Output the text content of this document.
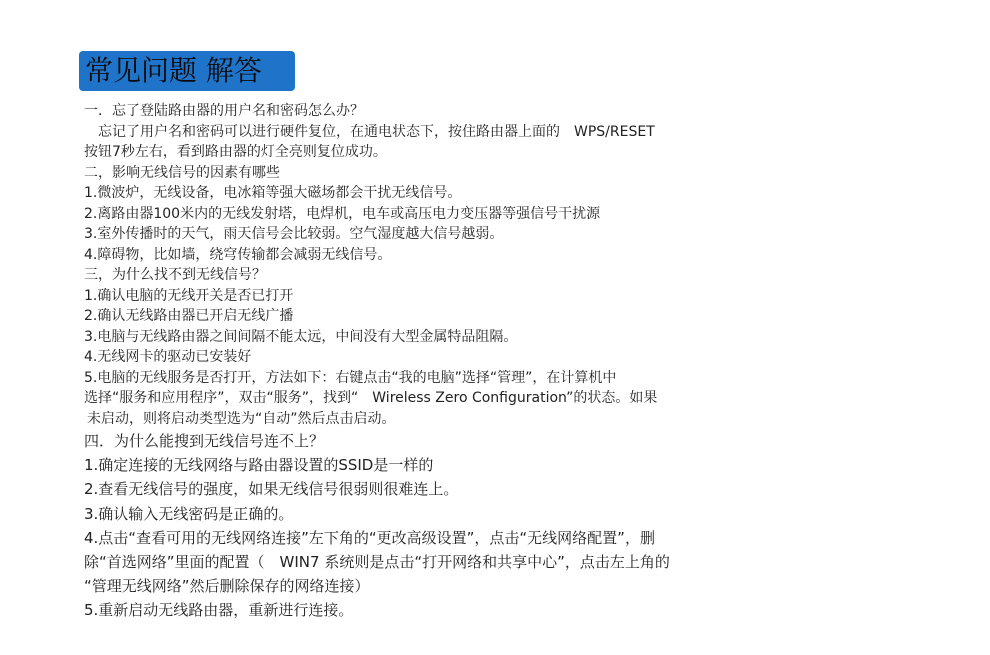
常见问题 解答
一．忘了登陆路由器的用户名和密码怎么办？
忘记了用户名和密码可以进行硬件复位，在通电状态下，按住路由器上面的　WPS/RESET
按钮7秒左右，看到路由器的灯全亮则复位成功。
二，影响无线信号的因素有哪些
1.微波炉，无线设备，电冰箱等强大磁场都会干扰无线信号。
2.离路由器100米内的无线发射塔，电焊机，电车或高压电力变压器等强信号干扰源
3.室外传播时的天气，雨天信号会比较弱。空气湿度越大信号越弱。
4.障碍物，比如墙，绕穹传输都会减弱无线信号。
三，为什么找不到无线信号？
1.确认电脑的无线开关是否已打开
2.确认无线路由器已开启无线广播
3.电脑与无线路由器之间间隔不能太远，中间没有大型金属特品阻隔。
4.无线网卡的驱动已安装好
5.电脑的无线服务是否打开，方法如下：右键点击“我的电脑”选择“管理”，在计算机中
选择“服务和应用程序”，双击“服务”，找到“　Wireless Zero Configuration”的状态。如果
未启动，则将启动类型选为“自动”然后点击启动。
四．为什么能搜到无线信号连不上？
1.确定连接的无线网络与路由器设置的SSID是一样的
2.查看无线信号的强度，如果无线信号很弱则很难连上。
3.确认输入无线密码是正确的。
4.点击“查看可用的无线网络连接”左下角的“更改高级设置”，点击“无线网络配置”，删
除“首选网络”里面的配置（　WIN7 系统则是点击“打开网络和共享中心”，点击左上角的
“管理无线网络”然后删除保存的网络连接）
5.重新启动无线路由器，重新进行连接。
